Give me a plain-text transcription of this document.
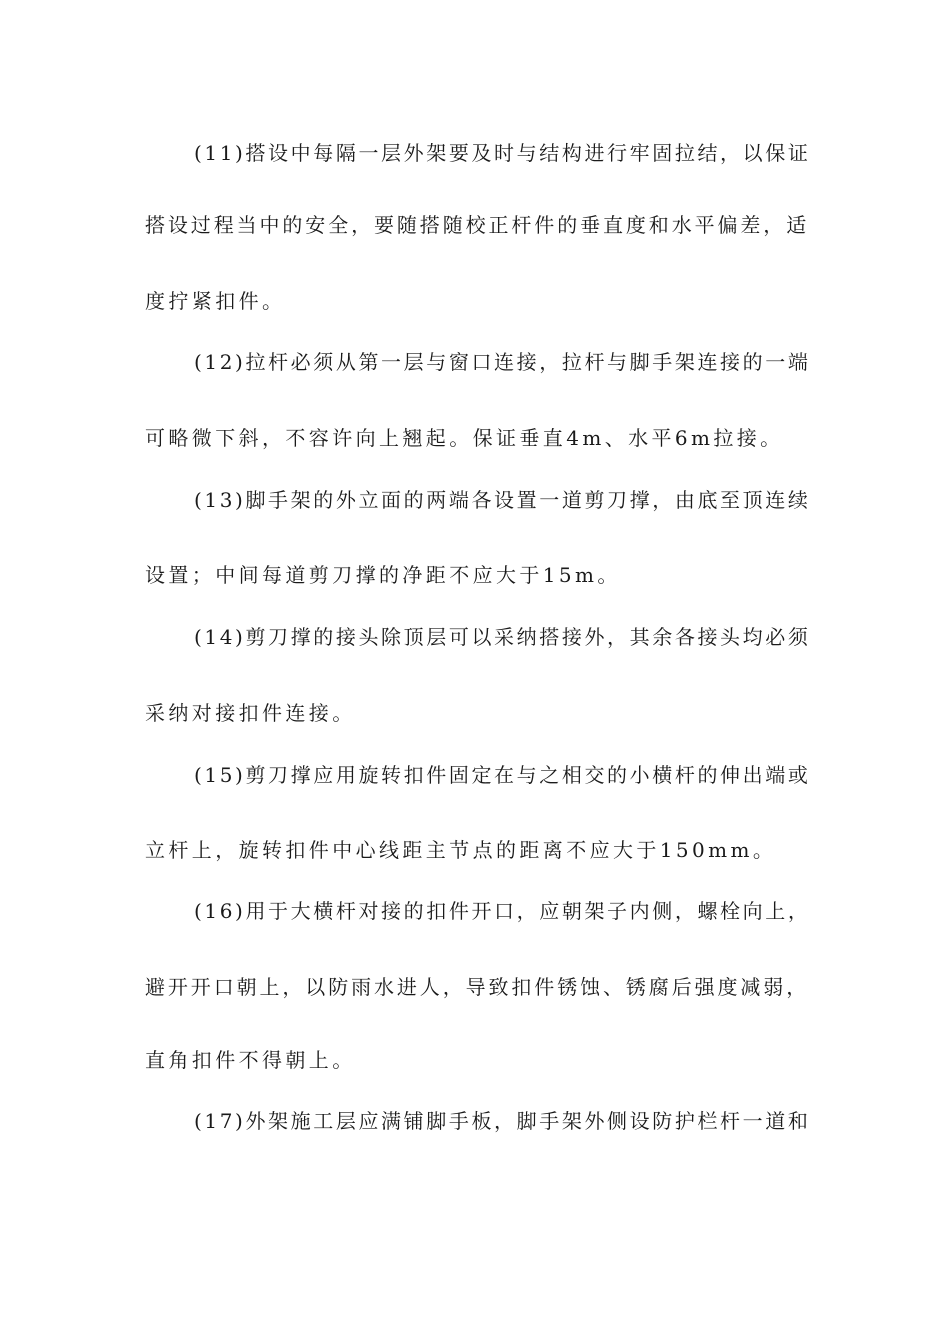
(11)搭设中每隔一层外架要及时与结构进行牢固拉结，以保证
搭设过程当中的安全，要随搭随校正杆件的垂直度和水平偏差，适
度拧紧扣件。
(12)拉杆必须从第一层与窗口连接，拉杆与脚手架连接的一端
可略微下斜，不容许向上翘起。保证垂直4m、水平6m拉接。
(13)脚手架的外立面的两端各设置一道剪刀撑，由底至顶连续
设置；中间每道剪刀撑的净距不应大于15m。
(14)剪刀撑的接头除顶层可以采纳搭接外，其余各接头均必须
采纳对接扣件连接。
(15)剪刀撑应用旋转扣件固定在与之相交的小横杆的伸出端或
立杆上，旋转扣件中心线距主节点的距离不应大于150mm。
(16)用于大横杆对接的扣件开口，应朝架子内侧，螺栓向上，
避开开口朝上，以防雨水进人，导致扣件锈蚀、锈腐后强度减弱，
直角扣件不得朝上。
(17)外架施工层应满铺脚手板，脚手架外侧设防护栏杆一道和
